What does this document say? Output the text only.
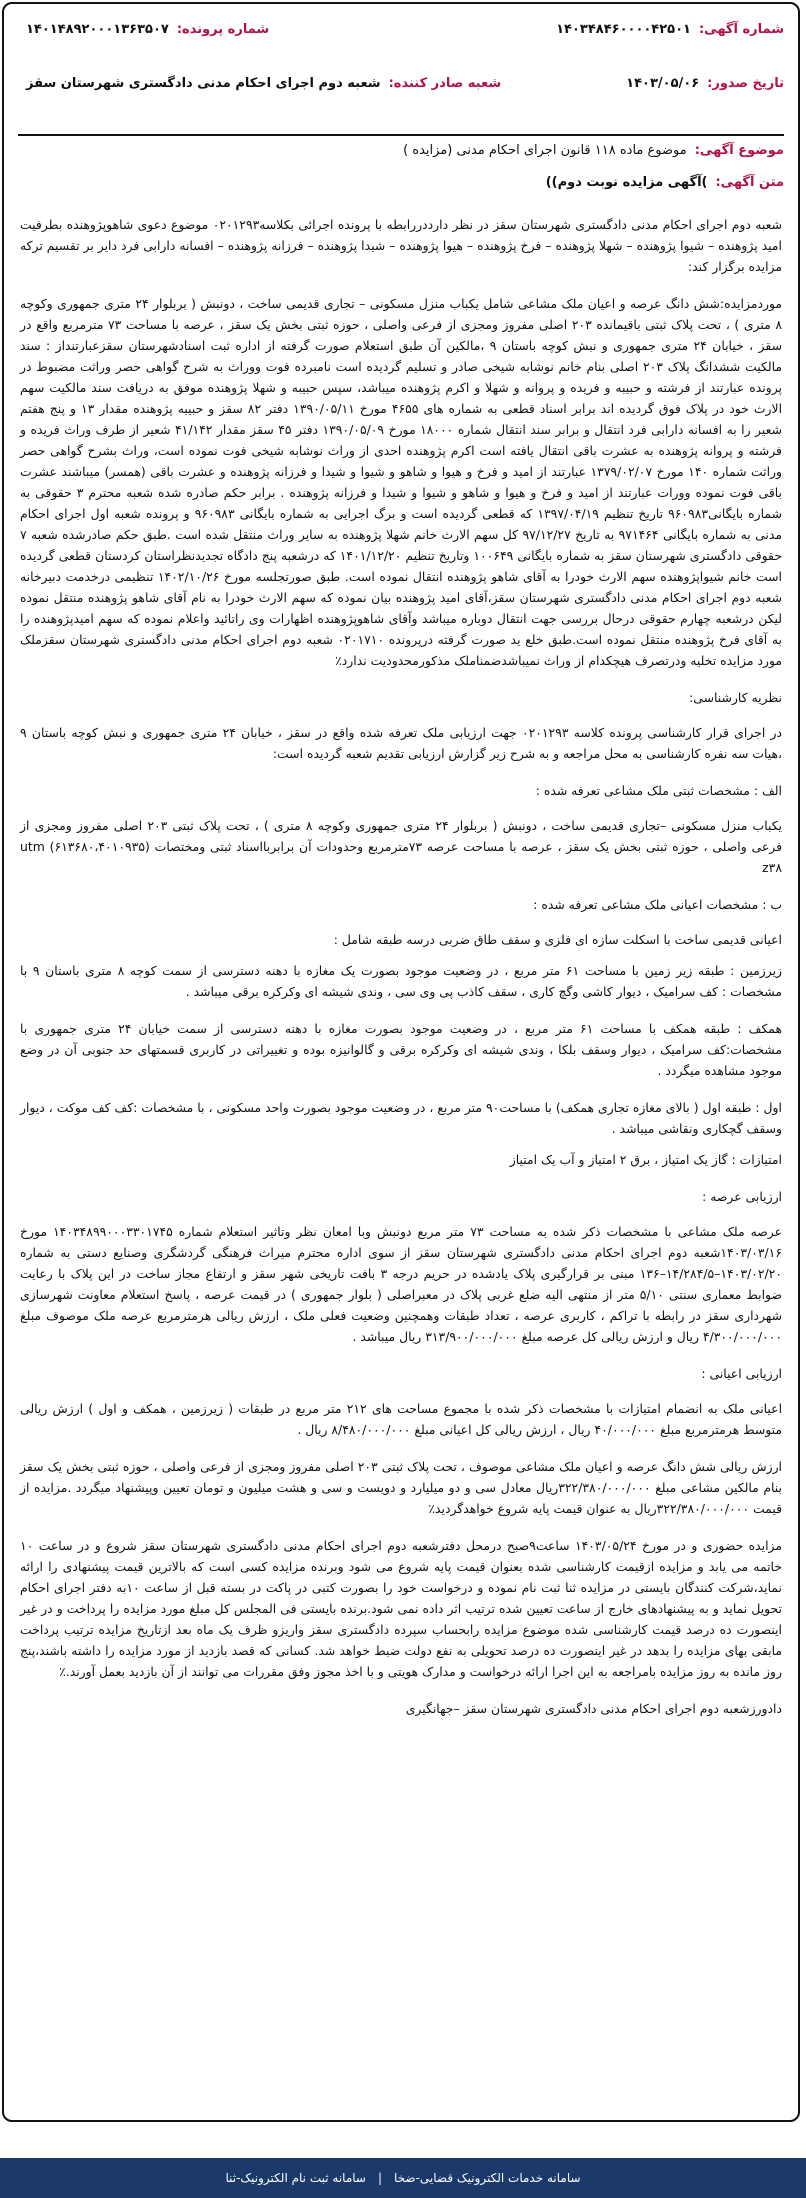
شماره آگهی:
۱۴۰۳۴۸۴۶۰۰۰۰۴۲۵۰۱
شماره پرونده:
۱۴۰۱۴۸۹۲۰۰۰۱۳۶۳۵۰۷
تاریخ صدور:
۱۴۰۳/۰۵/۰۶
شعبه صادر کننده:
شعبه دوم اجرای احکام مدنی دادگستری شهرستان سقز
موضوع آگهی:
موضوع ماده ۱۱۸ قانون اجرای احکام مدنی (مزایده )
متن آگهی:
)آگهی مزایده نوبت دوم))

شعبه دوم اجرای احکام مدنی دادگستری شهرستان سقز در نظر دارددررابطه با پرونده اجرائی بکلاسه۰۲۰۱۲۹۳ موضوع دعوی شاهوپژوهنده بطرفیت امید پژوهنده – شیوا پژوهنده – شهلا پژوهنده – فرخ پژوهنده – هیوا پژوهنده – شیدا پژوهنده – فرزانه پژوهنده – افسانه دارابی فرد دایر بر تقسیم ترکه مزایده برگزار کند:

موردمزایده:شش دانگ عرصه و اعیان ملک مشاعی شامل یکباب منزل مسکونی – تجاری قدیمی ساخت ، دونبش ( بربلوار ۲۴ متری جمهوری وکوچه ۸ متری ) ، تحت پلاک ثبتی باقیمانده ۲۰۳ اصلی مفروز ومجزی از فرعی واصلی ، حوزه ثبتی بخش یک سقز ، عرصه با مساحت ۷۳ مترمربع واقع در سقز ، خیابان ۲۴ متری جمهوری و نبش کوچه باستان ۹ ،مالکین آن طبق استعلام صورت گرفته از اداره ثبت اسنادشهرستان سقزعبارتنداز : سند مالکیت ششدانگ پلاک ۲۰۳ اصلی بنام خانم نوشابه شیخی صادر و تسلیم گردیده است نامبرده فوت ووراث به شرح گواهی حصر وراثت مضبوط در پرونده عبارتند از فرشته و حبیبه و فریده و پروانه و شهلا و اکرم پژوهنده میباشد، سپس حبیبه و شهلا پژوهنده موفق به دریافت سند مالکیت سهم الارث خود در پلاک فوق گردیده اند برابر اسناد قطعی به شماره های ۴۶۵۵ مورخ ۱۳۹۰/۰۵/۱۱ دفتر ۸۲ سقز و حبیبه پژوهنده مقدار ۱۳ و پنج هفتم شعیر را به افسانه دارابی فرد انتقال و برابر سند انتقال شماره ۱۸۰۰۰ مورخ ۱۳۹۰/۰۵/۰۹ دفتر ۴۵ سقز مقدار ۴۱/۱۴۲ شعیر از طرف وراث فریده و فرشته و پروانه پژوهنده به عشرت باقی انتقال یافته است اکرم پژوهنده احدی از وراث نوشابه شیخی فوت نموده است، وراث بشرح گواهی حصر وراثت شماره ۱۴۰ مورخ ۱۳۷۹/۰۲/۰۷ عبارتند از امید و فرخ و هیوا و شاهو و شیوا و شیدا و فرزانه پژوهنده و عشرت باقی (همسر) میباشند عشرت باقی فوت نموده وورات عبارتند از امید و فرخ و هیوا و شاهو و شیوا و شیدا و فرزانه پژوهنده . برابر حکم صادره شده شعبه محترم ۳ حقوقی به شماره بایگانی۹۶۰۹۸۳ تاریخ تنظیم ۱۳۹۷/۰۴/۱۹ که قطعی گردیده است و برگ اجرایی به شماره بایگانی ۹۶۰۹۸۳ و پرونده شعبه اول اجرای احکام مدنی به شماره بایگانی ۹۷۱۴۶۴ به تاریخ ۹۷/۱۲/۲۷ کل سهم الارث خانم شهلا پژوهنده به سایر وراث منتقل شده است .طبق حکم صادرشده شعبه ۷ حقوقی دادگستری شهرستان سقز به شماره بایگانی ۱۰۰۶۴۹ وتاریخ تنظیم ۱۴۰۱/۱۲/۲۰ که درشعبه پنج دادگاه تجدیدنظراستان کردستان قطعی گردیده است خانم شیواپژوهنده سهم الارث خودرا به آقای شاهو پژوهنده انتقال نموده است. طبق صورتجلسه مورخ ۱۴۰۲/۱۰/۲۶ تنظیمی درخدمت دبیرخانه شعبه دوم اجرای احکام مدنی دادگستری شهرستان سقز،آقای امید پژوهنده بیان نموده که سهم الارث خودرا به نام آقای شاهو پژوهنده منتقل نموده لیکن درشعبه چهارم حقوقی درحال بررسی جهت انتقال دوباره میباشد وآقای شاهوپژوهنده اظهارات وی راتائید واعلام نموده که سهم امیدپژوهنده را به آقای فرخ پژوهنده منتقل نموده است.طبق خلع ید صورت گرفته درپرونده ۰۲۰۱۷۱۰ شعبه دوم اجرای احکام مدنی دادگستری شهرستان سقزملک مورد مزایده تخلیه ودرتصرف هیچکدام از وراث نمیباشدضمناملک مذکورمحدودیت ندارد٪

نظریه کارشناسی:

در اجرای قرار کارشناسی پرونده کلاسه ۰۲۰۱۲۹۳ جهت ارزیابی ملک تعرفه شده واقع در سقز ، خیابان ۲۴ متری جمهوری و نبش کوچه باستان ۹ ،هیات سه نفره کارشناسی به محل مراجعه و به شرح زیر گزارش ارزیابی تقدیم شعبه گردیده است:

الف : مشخصات ثبتی ملک مشاعی تعرفه شده :

یکباب منزل مسکونی –تجاری قدیمی ساخت ، دونبش ( بربلوار ۲۴ متری جمهوری وکوچه ۸ متری ) ، تحت پلاک ثبتی ۲۰۳ اصلی مفروز ومجزی از فرعی واصلی ، حوزه ثبتی بخش یک سقز ، عرصه با مساحت عرصه ۷۳مترمربع وحدودات آن برابربااسناد ثبتی ومختصات (۶۱۳۶۸۰،۴۰۱۰۹۳۵) utm z۳۸

ب : مشخصات اعیانی ملک مشاعی تعرفه شده :

اعیانی قدیمی ساخت با اسکلت سازه ای فلزی و سقف طاق ضربی درسه طبقه شامل :

زیرزمین : طبقه زیر زمین با مساحت ۶۱ متر مربع ، در وضعیت موجود بصورت یک مغازه با دهنه دسترسی از سمت کوچه ۸ متری باستان ۹ با مشخصات : کف سرامیک ، دیوار کاشی وگچ کاری ، سقف کاذب پی وی سی ، وندی شیشه ای وکرکره برقی میباشد .

همکف : طبقه همکف با مساحت ۶۱ متر مربع ، در وضعیت موجود بصورت مغازه با دهنه دسترسی از سمت خیابان ۲۴ متری جمهوری با مشخصات:کف سرامیک ، دیوار وسقف بلکا ، وندی شیشه ای وکرکره برقی و گالوانیزه بوده و تغییراتی در کاربری قسمتهای حد جنوبی آن در وضع موجود مشاهده میگردد .

اول : طبقه اول ( بالای مغازه تجاری همکف) با مساحت۹۰ متر مربع ، در وضعیت موجود بصورت واحد مسکونی ، با مشخصات :کف کف موکت ، دیوار وسقف گچکاری ونقاشی میباشد .

امتیازات : گاز یک امتیاز ، برق ۲ امتیاز و آب یک امتیاز

ارزیابی عرصه :

عرصه ملک مشاعی با مشخصات ذکر شده به مساحت ۷۳ متر مربع دونبش وبا امعان نظر وتاثیر استعلام شماره ۱۴۰۳۴۸۹۹۰۰۰۳۳۰۱۷۴۵ مورخ ۱۴۰۳/۰۳/۱۶شعبه دوم اجرای احکام مدنی دادگستری شهرستان سقز از سوی اداره محترم میراث فرهنگی گردشگری وصنایع دستی به شماره ۱۴۰۳/۰۲/۲۰–۱۴/۲۸۴/۵–۱۳۶ مبنی بر قرارگیری پلاک یادشده در حریم درجه ۳ بافت تاریخی شهر سقز و ارتفاع مجاز ساخت در این پلاک با رعایت ضوابط معماری سنتی ۵/۱۰ متر از منتهی الیه ضلع غربی پلاک در معبراصلی ( بلوار جمهوری ) در قیمت عرصه ، پاسخ استعلام معاونت شهرسازی شهرداری سقز در رابطه با تراکم ، کاربری عرصه ، تعداد طبقات وهمچنین وضعیت فعلی ملک ، ارزش ریالی هرمترمربع عرصه ملک موصوف مبلغ ۴/۳۰۰/۰۰۰/۰۰۰ ریال و ارزش ریالی کل عرصه مبلغ ۳۱۳/۹۰۰/۰۰۰/۰۰۰ ریال میباشد .

ارزیابی اعیانی :

اعیانی ملک به انضمام امتیازات با مشخصات ذکر شده با مجموع مساحت های ۲۱۲ متر مربع در طبقات ( زیرزمین ، همکف و اول ) ارزش ریالی متوسط هرمترمربع مبلغ ۴۰/۰۰۰/۰۰۰ ریال ، ارزش ریالی کل اعیانی مبلغ ۸/۴۸۰/۰۰۰/۰۰۰ ریال .

ارزش ریالی شش دانگ عرصه و اعیان ملک مشاعی موصوف ، تحت پلاک ثبتی ۲۰۳ اصلی مفروز ومجزی از فرعی واصلی ، حوزه ثبتی بخش یک سقز بنام مالکین مشاعی مبلغ ۳۲۲/۳۸۰/۰۰۰/۰۰۰ریال معادل سی و دو میلیارد و دویست و سی و هشت میلیون و تومان تعیین وپیشنهاد میگردد .مزایده از قیمت ۳۲۲/۳۸۰/۰۰۰/۰۰۰ریال به عنوان قیمت پایه شروع خواهدگردید٪

مزایده حضوری و در مورخ ۱۴۰۳/۰۵/۲۴ ساعت۹صبح درمحل دفترشعبه دوم اجرای احکام مدنی دادگستری شهرستان سقز شروع و در ساعت ۱۰ خاتمه می یابد و مزایده ازقیمت کارشناسی شده بعنوان قیمت پایه شروع می شود وبرنده مزایده کسی است که بالاترین قیمت پیشنهادی را ارائه نماید،شرکت کنندگان بایستی در مزایده ثنا ثبت نام نموده و درخواست خود را بصورت کتبی در پاکت در بسته قبل از ساعت ۱۰به دفتر اجرای احکام تحویل نماید و به پیشنهادهای خارج از ساعت تعیین شده ترتیب اثر داده نمی شود.برنده بایستی فی المجلس کل مبلغ مورد مزایده را پرداخت و در غیر اینصورت ده درصد قیمت کارشناسی شده موضوع مزایده رابحساب سپرده دادگستری سقز واریزو ظرف یک ماه بعد ازتاریخ مزایده ترتیب پرداخت مابقی بهای مزایده را بدهد در غیر اینصورت ده درصد تحویلی به نفع دولت ضبط خواهد شد. کسانی که قصد بازدید از مورد مزایده را داشته باشند،پنج روز مانده به روز مزایده بامراجعه به این اجرا ارائه درخواست و مدارک هویتی و با اخذ مجوز وفق مقررات می توانند از آن بازدید بعمل آورند.٪

دادورزشعبه دوم اجرای احکام مدنی دادگستری شهرستان سقز –جهانگیری

سامانه خدمات الکترونیک قضایی-ضخا
|
سامانه ثبت نام الکترونیک-ثنا
